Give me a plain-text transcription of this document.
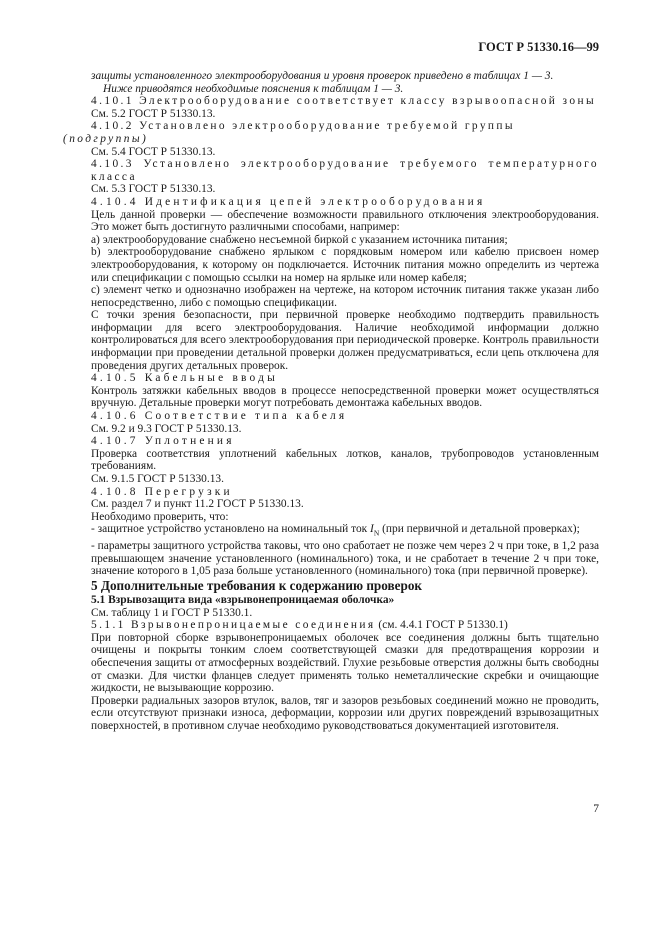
ГОСТ Р 51330.16—99

защиты установленного электрооборудования и уровня проверок приведено в таблицах 1 — 3.

Ниже приводятся необходимые пояснения к таблицам 1 — 3.

4.10.1 Электрооборудование соответствует классу взрывоопасной зоны

См. 5.2 ГОСТ Р 51330.13.

4.10.2 Установлено электрооборудование требуемой группы

(подгруппы)

См. 5.4 ГОСТ Р 51330.13.

4.10.3 Установлено электрооборудование требуемого температурного класса

См. 5.3 ГОСТ Р 51330.13.

4.10.4 Идентификация цепей электрооборудования

Цель данной проверки — обеспечение возможности правильного отключения электрооборудования. Это может быть достигнуто различными способами, например:

а) электрооборудование снабжено несъемной биркой с указанием источника питания;

b) электрооборудование снабжено ярлыком с порядковым номером или кабелю присвоен номер электрооборудования, к которому он подключается. Источник питания можно определить из чертежа или спецификации с помощью ссылки на номер на ярлыке или номер кабеля;

с) элемент четко и однозначно изображен на чертеже, на котором источник питания также указан либо непосредственно, либо с помощью спецификации.

С точки зрения безопасности, при первичной проверке необходимо подтвердить правильность информации для всего электрооборудования. Наличие необходимой информации должно контролироваться для всего электрооборудования при периодической проверке. Контроль правильности информации при проведении детальной проверки должен предусматриваться, если цепь отключена для проведения других детальных проверок.

4.10.5 Кабельные вводы

Контроль затяжки кабельных вводов в процессе непосредственной проверки может осуществляться вручную. Детальные проверки могут потребовать демонтажа кабельных вводов.

4.10.6 Соответствие типа кабеля

См. 9.2 и 9.3 ГОСТ Р 51330.13.

4.10.7 Уплотнения

Проверка соответствия уплотнений кабельных лотков, каналов, трубопроводов установленным требованиям.

См. 9.1.5 ГОСТ Р 51330.13.

4.10.8 Перегрузки

См. раздел 7 и пункт 11.2 ГОСТ Р 51330.13.

Необходимо проверить, что:

- защитное устройство установлено на номинальный ток $I_N$ (при первичной и детальной проверках);

- параметры защитного устройства таковы, что оно сработает не позже чем через 2 ч при токе, в 1,2 раза превышающем значение установленного (номинального) тока, и не сработает в течение 2 ч при токе, значение которого в 1,05 раза больше установленного (номинального) тока (при первичной проверке).

5 Дополнительные требования к содержанию проверок

5.1 Взрывозащита вида «взрывонепроницаемая оболочка»

См. таблицу 1 и ГОСТ Р 51330.1.

5.1.1 Взрывонепроницаемые соединения (см. 4.4.1 ГОСТ Р 51330.1)

При повторной сборке взрывонепроницаемых оболочек все соединения должны быть тщательно очищены и покрыты тонким слоем соответствующей смазки для предотвращения коррозии и обеспечения защиты от атмосферных воздействий. Глухие резьбовые отверстия должны быть свободны от смазки. Для чистки фланцев следует применять только неметаллические скребки и очищающие жидкости, не вызывающие коррозию.

Проверки радиальных зазоров втулок, валов, тяг и зазоров резьбовых соединений можно не проводить, если отсутствуют признаки износа, деформации, коррозии или других повреждений взрывозащитных поверхностей, в противном случае необходимо руководствоваться документацией изготовителя.

7
